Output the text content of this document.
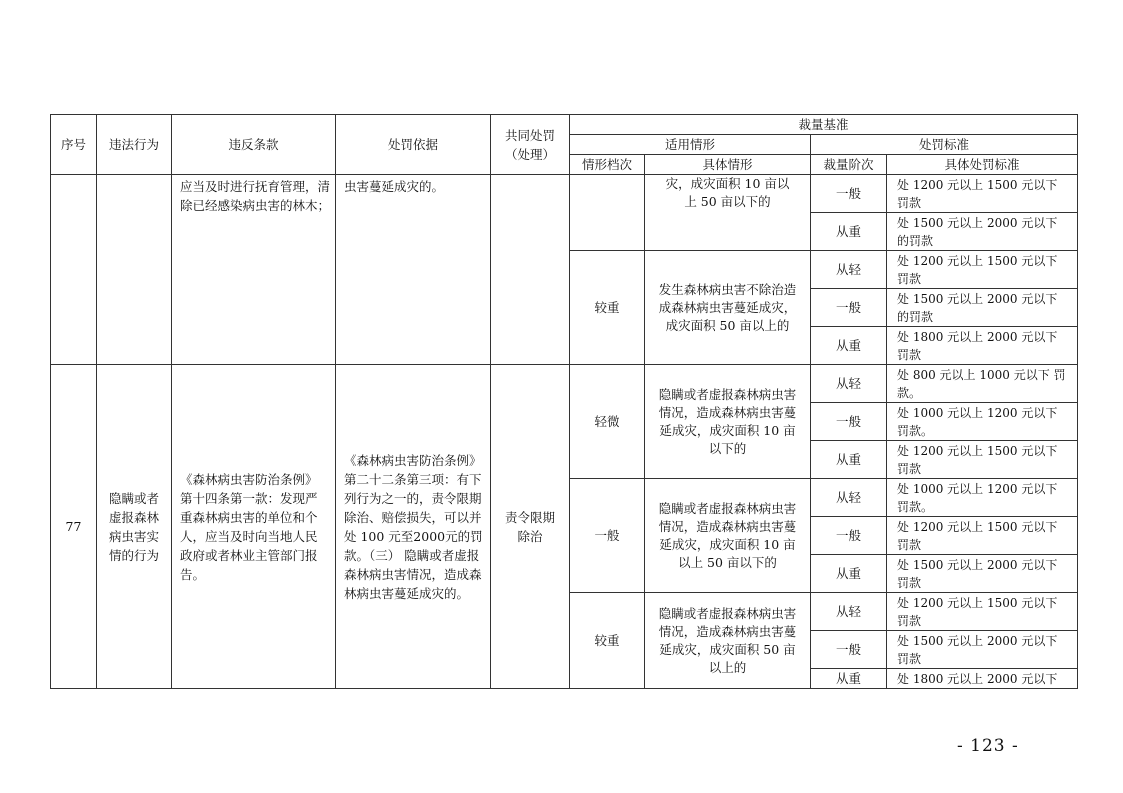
序号	违法行为	违反条款	处罚依据	共同处罚（处理）	裁量基准			
					适用情形		处罚标准	
					情形档次	具体情形	裁量阶次	具体处罚标准

		应当及时进行抚育管理，清除已经感染病虫害的林木；	虫害蔓延成灾的。			灾，成灾面积 10 亩以上 50 亩以下的	一般	处 1200 元以上 1500 元以下 罚款

							从重	处 1500 元以上 2000 元以下 的罚款

					较重	发生森林病虫害不除治造成森林病虫害蔓延成灾，成灾面积 50 亩以上的	从轻	处 1200 元以上 1500 元以下 罚款

							一般	处 1500 元以上 2000 元以下 的罚款

							从重	处 1800 元以上 2000 元以下 罚款

77	隐瞒或者虚报森林病虫害实情的行为	《森林病虫害防治条例》第十四条第一款：发现严重森林病虫害的单位和个人，应当及时向当地人民政府或者林业主管部门报告。	《森林病虫害防治条例》第二十二条第三项：有下列行为之一的，责令限期除治、赔偿损失，可以并处 100 元至2000元的罚款。（三） 隐瞒或者虚报森林病虫害情况，造成森林病虫害蔓延成灾的。	责令限期除治	轻微	隐瞒或者虚报森林病虫害情况，造成森林病虫害蔓延成灾，成灾面积 10 亩以下的	从轻	处 800 元以上 1000 元以下 罚 款。

							一般	处 1000 元以上 1200 元以下 罚款。

							从重	处 1200 元以上 1500 元以下 罚款

					一般	隐瞒或者虚报森林病虫害情况，造成森林病虫害蔓延成灾，成灾面积 10 亩以上 50 亩以下的	从轻	处 1000 元以上 1200 元以下 罚款。

							一般	处 1200 元以上 1500 元以下 罚款

							从重	处 1500 元以上 2000 元以下 罚款

					较重	隐瞒或者虚报森林病虫害情况，造成森林病虫害蔓延成灾，成灾面积 50 亩以上的	从轻	处 1200 元以上 1500 元以下 罚款

							一般	处 1500 元以上 2000 元以下 罚款

							从重	处 1800 元以上 2000 元以下
- 123 -
